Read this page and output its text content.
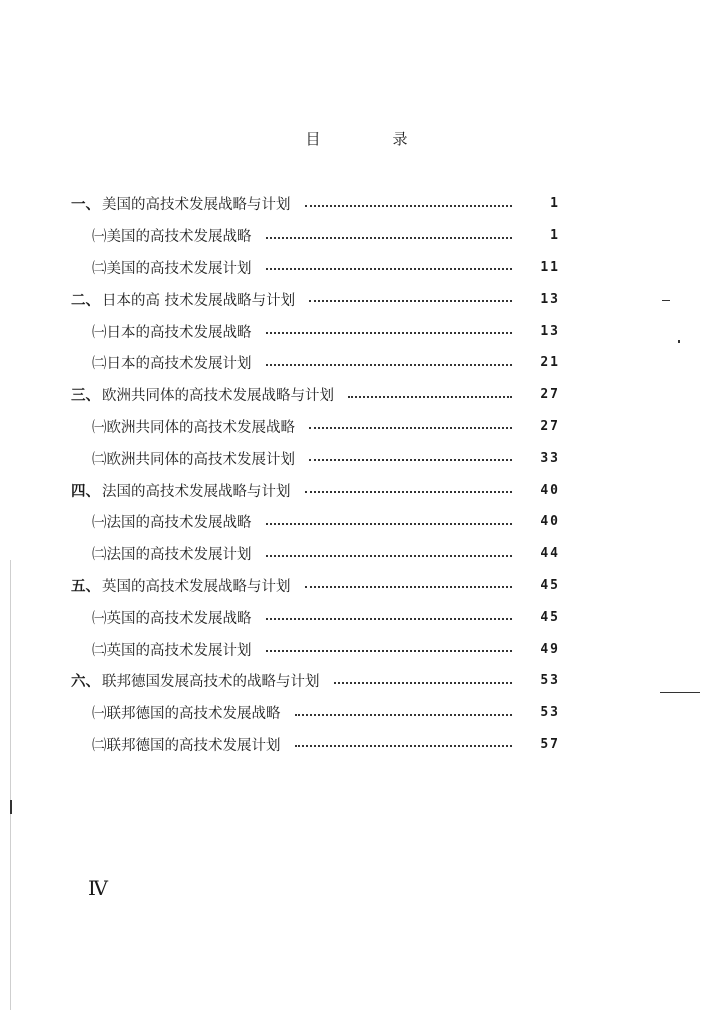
目	录
一、 美国的高技术发展战略与计划	1
㈠美国的高技术发展战略	1
㈡美国的高技术发展计划	11
二、 日本的高 技术发展战略与计划	13
㈠日本的高技术发展战略	13
㈡日本的高技术发展计划	21
三、 欧洲共同体的高技术发展战略与计划	27
㈠欧洲共同体的高技术发展战略	27
㈡欧洲共同体的高技术发展计划	33
四、 法国的高技术发展战略与计划	40
㈠法国的高技术发展战略	40
㈡法国的高技术发展计划	44
五、 英国的高技术发展战略与计划	45
㈠英国的高技术发展战略	45
㈡英国的高技术发展计划	49
六、 联邦德国发展高技术的战略与计划	53
㈠联邦德国的高技术发展战略	53
㈡联邦德国的高技术发展计划	57
Ⅳ
